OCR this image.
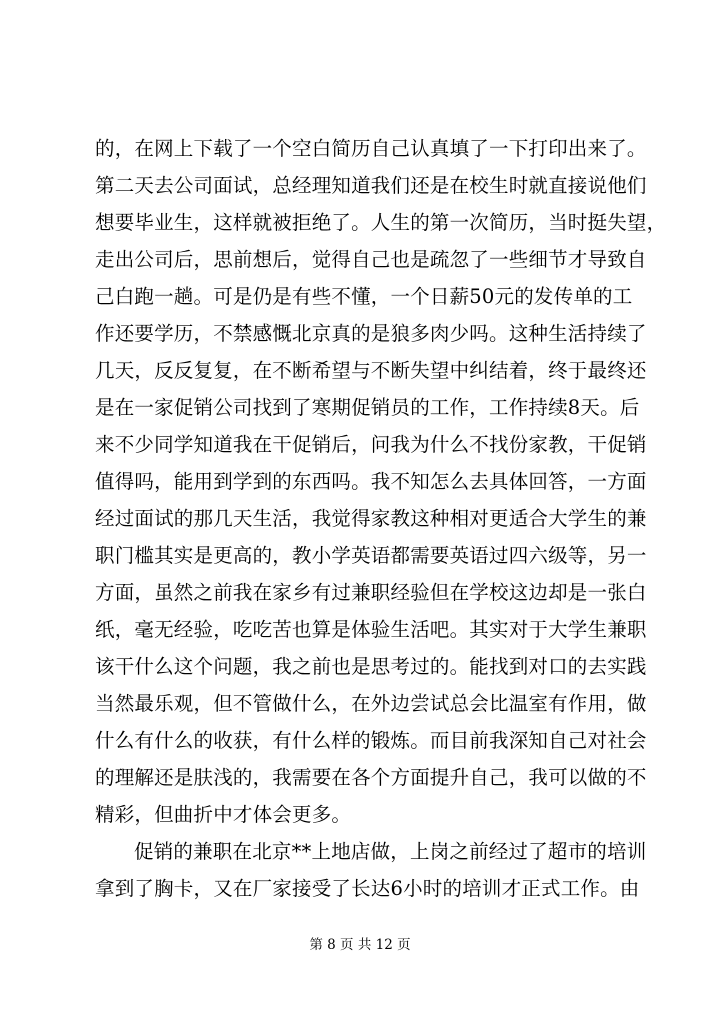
的，在网上下载了一个空白简历自己认真填了一下打印出来了。
第二天去公司面试，总经理知道我们还是在校生时就直接说他们
想要毕业生，这样就被拒绝了。人生的第一次简历，当时挺失望，
走出公司后，思前想后，觉得自己也是疏忽了一些细节才导致自
己白跑一趟。可是仍是有些不懂，一个日薪50元的发传单的工
作还要学历，不禁感慨北京真的是狼多肉少吗。这种生活持续了
几天，反反复复，在不断希望与不断失望中纠结着，终于最终还
是在一家促销公司找到了寒期促销员的工作，工作持续8天。后
来不少同学知道我在干促销后，问我为什么不找份家教，干促销
值得吗，能用到学到的东西吗。我不知怎么去具体回答，一方面
经过面试的那几天生活，我觉得家教这种相对更适合大学生的兼
职门槛其实是更高的，教小学英语都需要英语过四六级等，另一
方面，虽然之前我在家乡有过兼职经验但在学校这边却是一张白
纸，毫无经验，吃吃苦也算是体验生活吧。其实对于大学生兼职
该干什么这个问题，我之前也是思考过的。能找到对口的去实践
当然最乐观，但不管做什么，在外边尝试总会比温室有作用，做
什么有什么的收获，有什么样的锻炼。而目前我深知自己对社会
的理解还是肤浅的，我需要在各个方面提升自己，我可以做的不
精彩，但曲折中才体会更多。
促销的兼职在北京**上地店做，上岗之前经过了超市的培训
拿到了胸卡，又在厂家接受了长达6小时的培训才正式工作。由
第 8 页 共 12 页
